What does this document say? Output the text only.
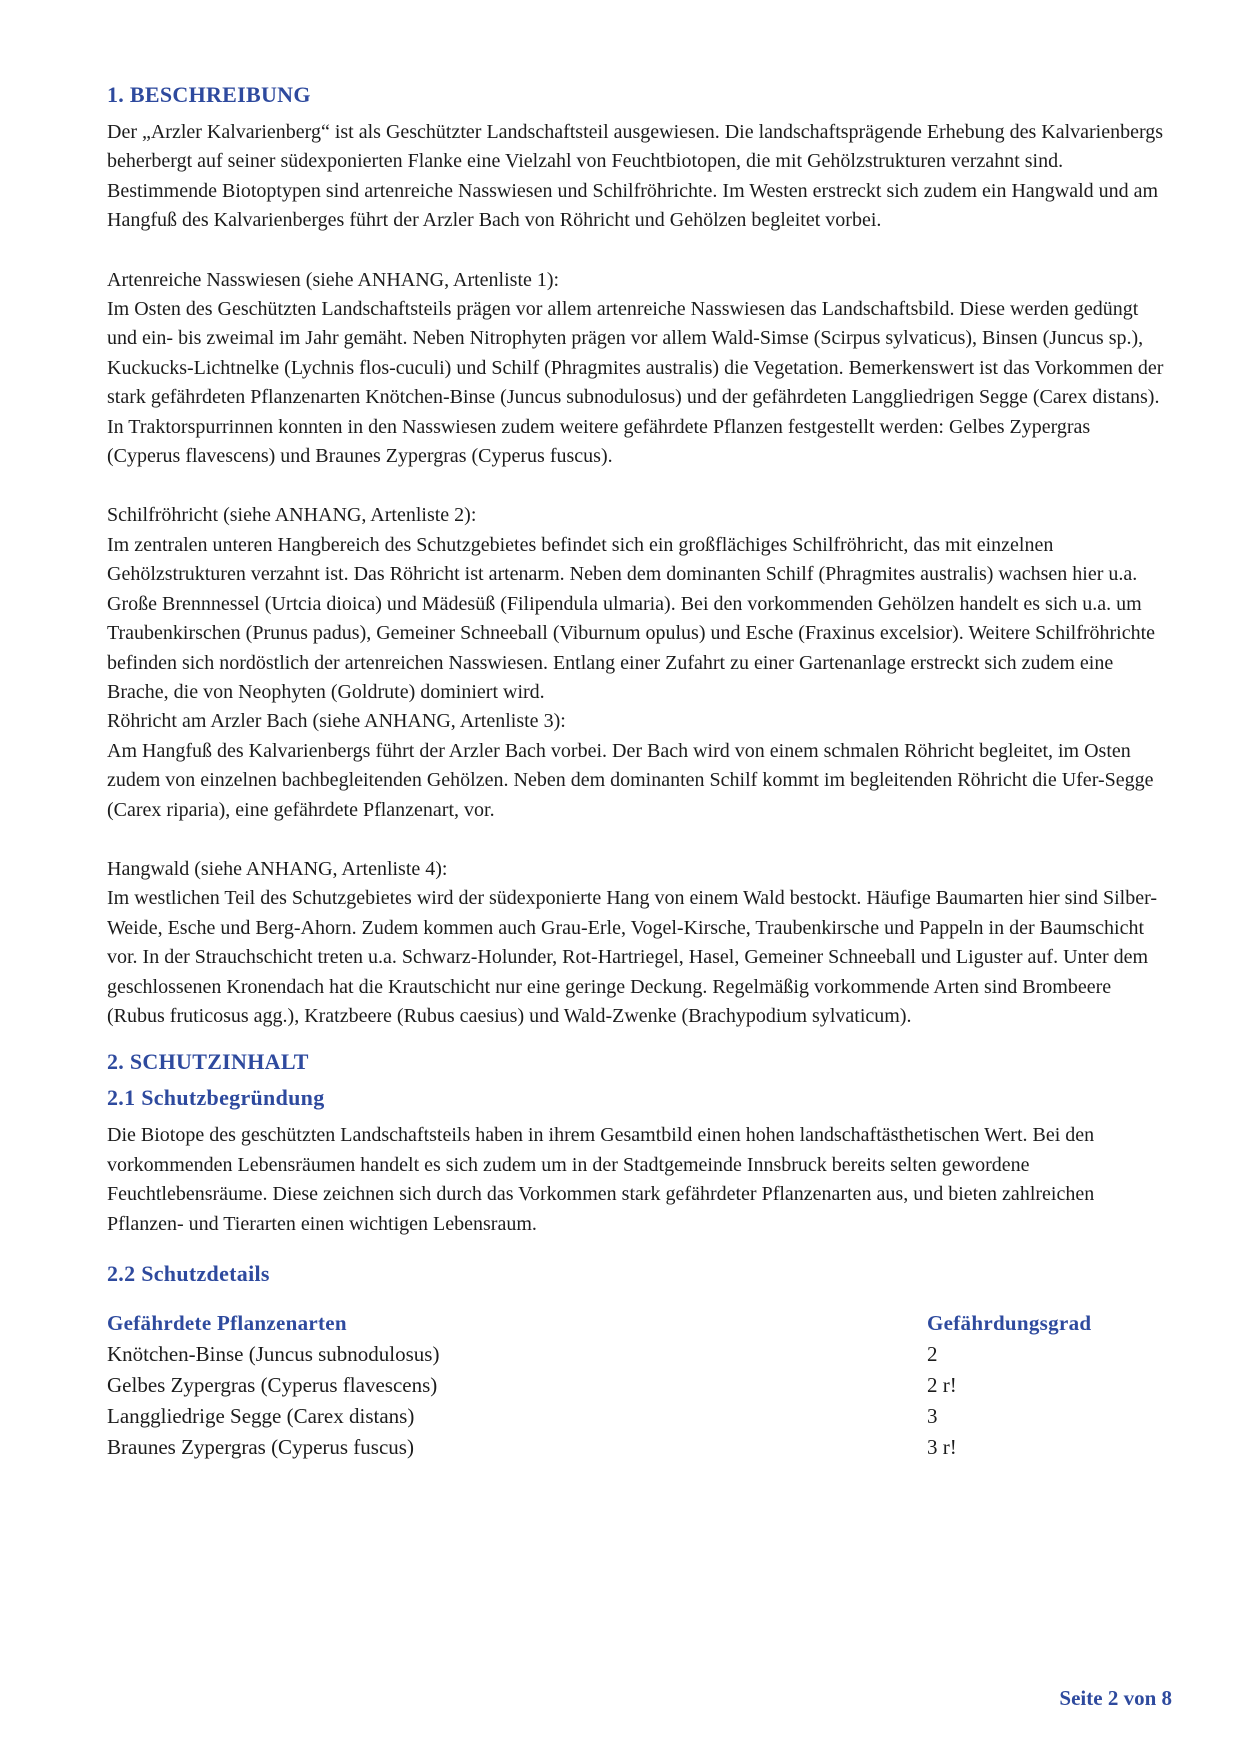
1. BESCHREIBUNG

Der „Arzler Kalvarienberg“ ist als Geschützter Landschaftsteil ausgewiesen. Die landschaftsprägende Erhebung des Kalvarienbergs beherbergt auf seiner südexponierten Flanke eine Vielzahl von Feuchtbiotopen, die mit Gehölzstrukturen verzahnt sind. Bestimmende Biotoptypen sind artenreiche Nasswiesen und Schilfröhrichte. Im Westen erstreckt sich zudem ein Hangwald und am Hangfuß des Kalvarienberges führt der Arzler Bach von Röhricht und Gehölzen begleitet vorbei.

Artenreiche Nasswiesen (siehe ANHANG, Artenliste 1):

Im Osten des Geschützten Landschaftsteils prägen vor allem artenreiche Nasswiesen das Landschaftsbild. Diese werden gedüngt und ein- bis zweimal im Jahr gemäht. Neben Nitrophyten prägen vor allem Wald-Simse (Scirpus sylvaticus), Binsen (Juncus sp.), Kuckucks-Lichtnelke (Lychnis flos-cuculi) und Schilf (Phragmites australis) die Vegetation. Bemerkenswert ist das Vorkommen der stark gefährdeten Pflanzenarten Knötchen-Binse (Juncus subnodulosus) und der gefährdeten Langgliedrigen Segge (Carex distans). In Traktorspurrinnen konnten in den Nasswiesen zudem weitere gefährdete Pflanzen festgestellt werden: Gelbes Zypergras (Cyperus flavescens) und Braunes Zypergras (Cyperus fuscus).

Schilfröhricht (siehe ANHANG, Artenliste 2):

Im zentralen unteren Hangbereich des Schutzgebietes befindet sich ein großflächiges Schilfröhricht, das mit einzelnen Gehölzstrukturen verzahnt ist. Das Röhricht ist artenarm. Neben dem dominanten Schilf (Phragmites australis) wachsen hier u.a. Große Brennnessel (Urtcia dioica) und Mädesüß (Filipendula ulmaria). Bei den vorkommenden Gehölzen handelt es sich u.a. um Traubenkirschen (Prunus padus), Gemeiner Schneeball (Viburnum opulus) und Esche (Fraxinus excelsior). Weitere Schilfröhrichte befinden sich nordöstlich der artenreichen Nasswiesen. Entlang einer Zufahrt zu einer Gartenanlage erstreckt sich zudem eine Brache, die von Neophyten (Goldrute) dominiert wird.

Röhricht am Arzler Bach (siehe ANHANG, Artenliste 3):

Am Hangfuß des Kalvarienbergs führt der Arzler Bach vorbei. Der Bach wird von einem schmalen Röhricht begleitet, im Osten zudem von einzelnen bachbegleitenden Gehölzen. Neben dem dominanten Schilf kommt im begleitenden Röhricht die Ufer-Segge (Carex riparia), eine gefährdete Pflanzenart, vor.

Hangwald (siehe ANHANG, Artenliste 4):

Im westlichen Teil des Schutzgebietes wird der südexponierte Hang von einem Wald bestockt. Häufige Baumarten hier sind Silber-Weide, Esche und Berg-Ahorn. Zudem kommen auch Grau-Erle, Vogel-Kirsche, Traubenkirsche und Pappeln in der Baumschicht vor. In der Strauchschicht treten u.a. Schwarz-Holunder, Rot-Hartriegel, Hasel, Gemeiner Schneeball und Liguster auf. Unter dem geschlossenen Kronendach hat die Krautschicht nur eine geringe Deckung. Regelmäßig vorkommende Arten sind Brombeere (Rubus fruticosus agg.), Kratzbeere (Rubus caesius) und Wald-Zwenke (Brachypodium sylvaticum).

2. SCHUTZINHALT
2.1 Schutzbegründung

Die Biotope des geschützten Landschaftsteils haben in ihrem Gesamtbild einen hohen landschaftästhetischen Wert. Bei den vorkommenden Lebensräumen handelt es sich zudem um in der Stadtgemeinde Innsbruck bereits selten gewordene Feuchtlebensräume. Diese zeichnen sich durch das Vorkommen stark gefährdeter Pflanzenarten aus, und bieten zahlreichen Pflanzen- und Tierarten einen wichtigen Lebensraum.

2.2 Schutzdetails
Gefährdete Pflanzenarten	Gefährdungsgrad
Knötchen-Binse (Juncus subnodulosus)	2
Gelbes Zypergras (Cyperus flavescens)	2 r!
Langgliedrige Segge (Carex distans)	3
Braunes Zypergras (Cyperus fuscus)	3 r!
Seite 2 von 8
